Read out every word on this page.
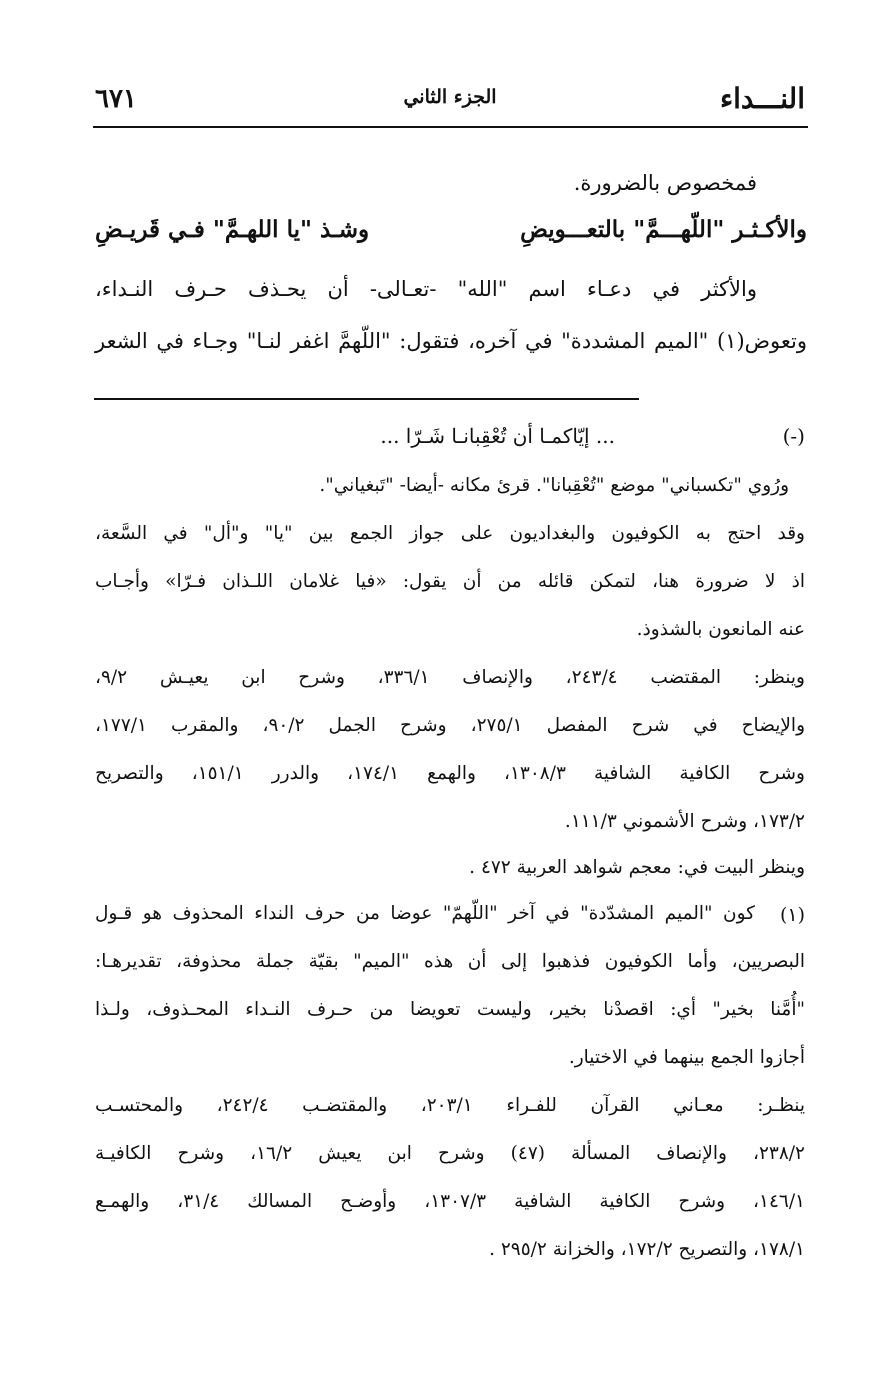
النـــداء
الجزء الثاني
٦٧١
فمخصوص بالضرورة.
والأكـثـر "اللّهـــمَّ" بالتعـــويضِ
وشـذ "يا اللهـمَّ" فـي قَريـضِ
والأكثر في دعـاء اسم "الله" -تعـالى- أن يحـذف حـرف النـداء،
وتعوض(١) "الميم المشددة" في آخره، فتقول: "اللّهمَّ اغفر لنـا" وجـاء في الشعر
(-)
... إيّاكمـا أن تُعْقِبانـا شَـرّا ...
ورُوي "تكسباني" موضع "تُعْقِبانا". قرئ مكانه -أيضا- "تَبغياني".
وقد احتج به الكوفيون والبغداديون على جواز الجمع بين "يا" و"أل" في السَّعة،
اذ لا ضرورة هنا، لتمكن قائله من أن يقول: «فيا غلامان اللـذان فـرّا» وأجـاب
عنه المانعون بالشذوذ.
وينظر: المقتضب ٢٤٣/٤، والإنصاف ٣٣٦/١، وشرح ابن يعيـش ٩/٢،
والإيضاح في شرح المفصل ٢٧٥/١، وشرح الجمل ٩٠/٢، والمقرب ١٧٧/١،
وشرح الكافية الشافية ١٣٠٨/٣، والهمع ١٧٤/١، والدرر ١٥١/١، والتصريح
١٧٣/٢، وشرح الأشموني ١١١/٣.
وينظر البيت في: معجم شواهد العربية ٤٧٢ .
(١)
كون "الميم المشدّدة" في آخر "اللّهمّ" عوضا من حرف النداء المحذوف هو قـول
البصريين، وأما الكوفيون فذهبوا إلى أن هذه "الميم" بقيّة جملة محذوفة، تقديرهـا:
"أُمَّنا بخير" أي: اقصدْنا بخير، وليست تعويضا من حـرف النـداء المحـذوف، ولـذا
أجازوا الجمع بينهما في الاختيار.
ينظـر: معـاني القرآن للفـراء ٢٠٣/١، والمقتضـب ٢٤٢/٤، والمحتسـب
٢٣٨/٢، والإنصاف المسألة (٤٧) وشرح ابن يعيش ١٦/٢، وشرح الكافيـة
١٤٦/١، وشرح الكافية الشافية ١٣٠٧/٣، وأوضـح المسالك ٣١/٤، والهمـع
١٧٨/١، والتصريح ١٧٢/٢، والخزانة ٢٩٥/٢ .
